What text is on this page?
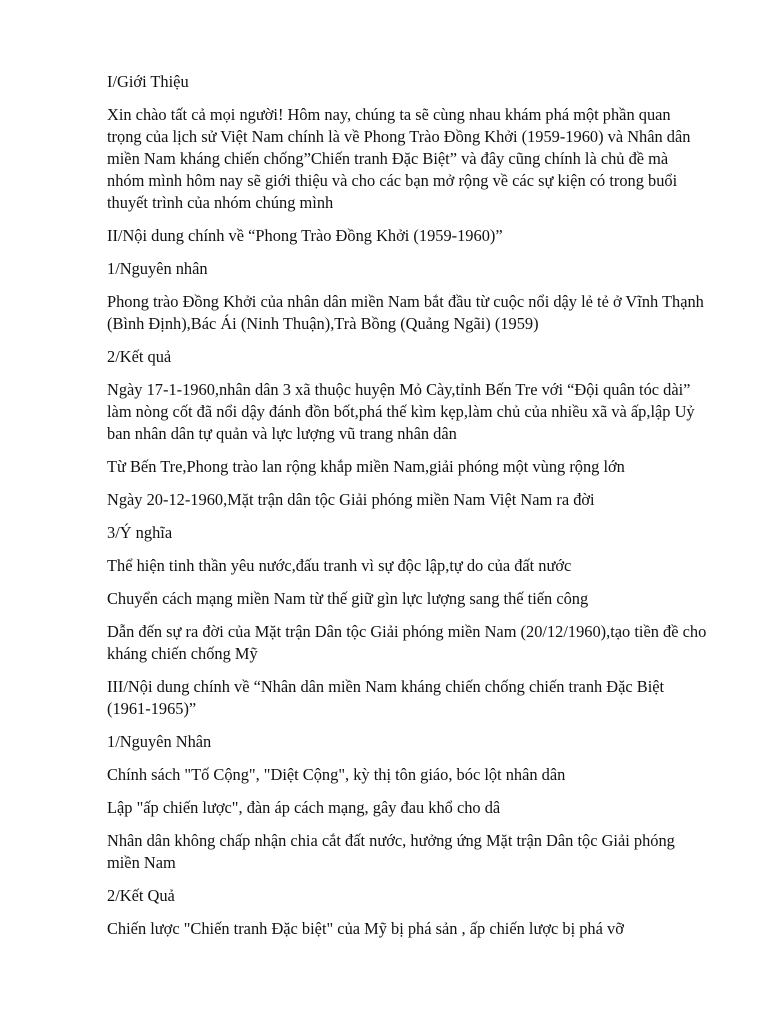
I/Giới Thiệu

Xin chào tất cả mọi người! Hôm nay, chúng ta sẽ cùng nhau khám phá một phần quan trọng của lịch sử Việt Nam chính là về Phong Trào Đồng Khởi (1959-1960) và Nhân dân miền Nam kháng chiến chống”Chiến tranh Đặc Biệt” và đây cũng chính là chủ đề mà nhóm mình hôm nay sẽ giới thiệu và cho các bạn mở rộng về các sự kiện có trong buổi thuyết trình của nhóm chúng mình

II/Nội dung chính về “Phong Trào Đồng Khởi (1959-1960)”

1/Nguyên nhân

Phong trào Đồng Khởi của nhân dân miền Nam bắt đầu từ cuộc nổi dậy lẻ tẻ ở Vĩnh Thạnh (Bình Định),Bác Ái (Ninh Thuận),Trà Bồng (Quảng Ngãi) (1959)

2/Kết quả

Ngày 17-1-1960,nhân dân 3 xã thuộc huyện Mỏ Cày,tỉnh Bến Tre với “Đội quân tóc dài” làm nòng cốt đã nổi dậy đánh đồn bốt,phá thế kìm kẹp,làm chủ của nhiều xã và ấp,lập Uỷ ban nhân dân tự quản và lực lượng vũ trang nhân dân

Từ Bến Tre,Phong trào lan rộng khắp miền Nam,giải phóng một vùng rộng lớn

Ngày 20-12-1960,Mặt trận dân tộc Giải phóng miền Nam Việt Nam ra đời

3/Ý nghĩa

Thể hiện tinh thần yêu nước,đấu tranh vì sự độc lập,tự do của đất nước

Chuyển cách mạng miền Nam từ thế giữ gìn lực lượng sang thế tiến công

Dẫn đến sự ra đời của Mặt trận Dân tộc Giải phóng miền Nam (20/12/1960),tạo tiền đề cho kháng chiến chống Mỹ

III/Nội dung chính về “Nhân dân miền Nam kháng chiến chống chiến tranh Đặc Biệt (1961-1965)”

1/Nguyên Nhân

Chính sách "Tố Cộng", "Diệt Cộng", kỳ thị tôn giáo, bóc lột nhân dân

Lập "ấp chiến lược", đàn áp cách mạng, gây đau khổ cho dâ

Nhân dân không chấp nhận chia cắt đất nước, hưởng ứng Mặt trận Dân tộc Giải phóng miền Nam

2/Kết Quả

Chiến lược "Chiến tranh Đặc biệt" của Mỹ bị phá sản , ấp chiến lược bị phá vỡ
